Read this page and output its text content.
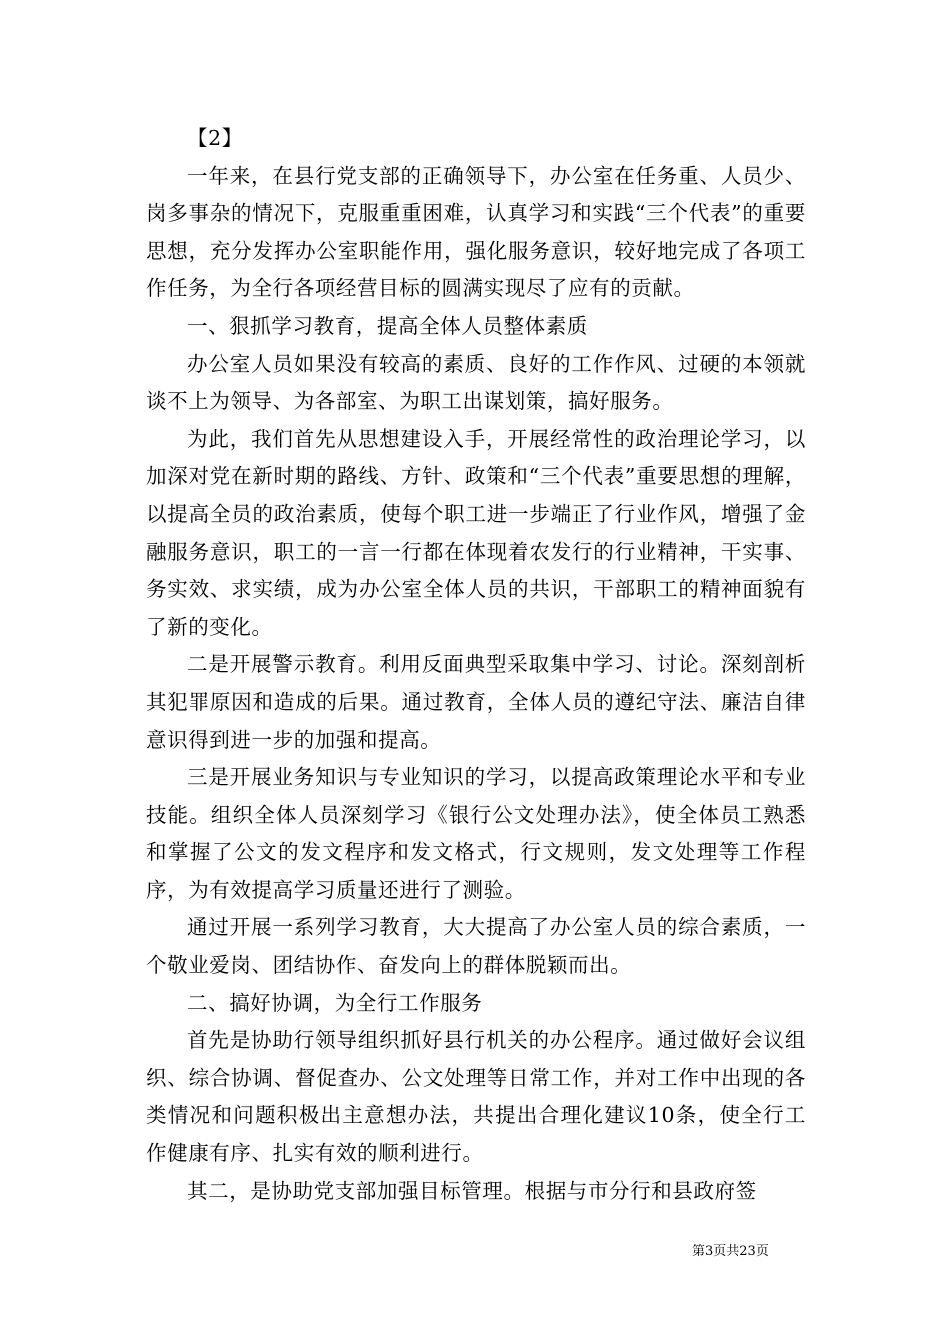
【2】

一年来，在县行党支部的正确领导下，办公室在任务重、人员少、岗多事杂的情况下，克服重重困难，认真学习和实践“三个代表”的重要思想，充分发挥办公室职能作用，强化服务意识，较好地完成了各项工作任务，为全行各项经营目标的圆满实现尽了应有的贡献。

一、狠抓学习教育，提高全体人员整体素质

办公室人员如果没有较高的素质、良好的工作作风、过硬的本领就谈不上为领导、为各部室、为职工出谋划策，搞好服务。

为此，我们首先从思想建设入手，开展经常性的政治理论学习，以加深对党在新时期的路线、方针、政策和“三个代表”重要思想的理解，以提高全员的政治素质，使每个职工进一步端正了行业作风，增强了金融服务意识，职工的一言一行都在体现着农发行的行业精神，干实事、务实效、求实绩，成为办公室全体人员的共识，干部职工的精神面貌有了新的变化。

二是开展警示教育。利用反面典型采取集中学习、讨论。深刻剖析其犯罪原因和造成的后果。通过教育，全体人员的遵纪守法、廉洁自律意识得到进一步的加强和提高。

三是开展业务知识与专业知识的学习，以提高政策理论水平和专业技能。组织全体人员深刻学习《银行公文处理办法》，使全体员工熟悉和掌握了公文的发文程序和发文格式，行文规则，发文处理等工作程序，为有效提高学习质量还进行了测验。

通过开展一系列学习教育，大大提高了办公室人员的综合素质，一个敬业爱岗、团结协作、奋发向上的群体脱颖而出。

二、搞好协调，为全行工作服务

首先是协助行领导组织抓好县行机关的办公程序。通过做好会议组织、综合协调、督促查办、公文处理等日常工作，并对工作中出现的各类情况和问题积极出主意想办法，共提出合理化建议10条，使全行工作健康有序、扎实有效的顺利进行。

其二，是协助党支部加强目标管理。根据与市分行和县政府签

第3页共23页
